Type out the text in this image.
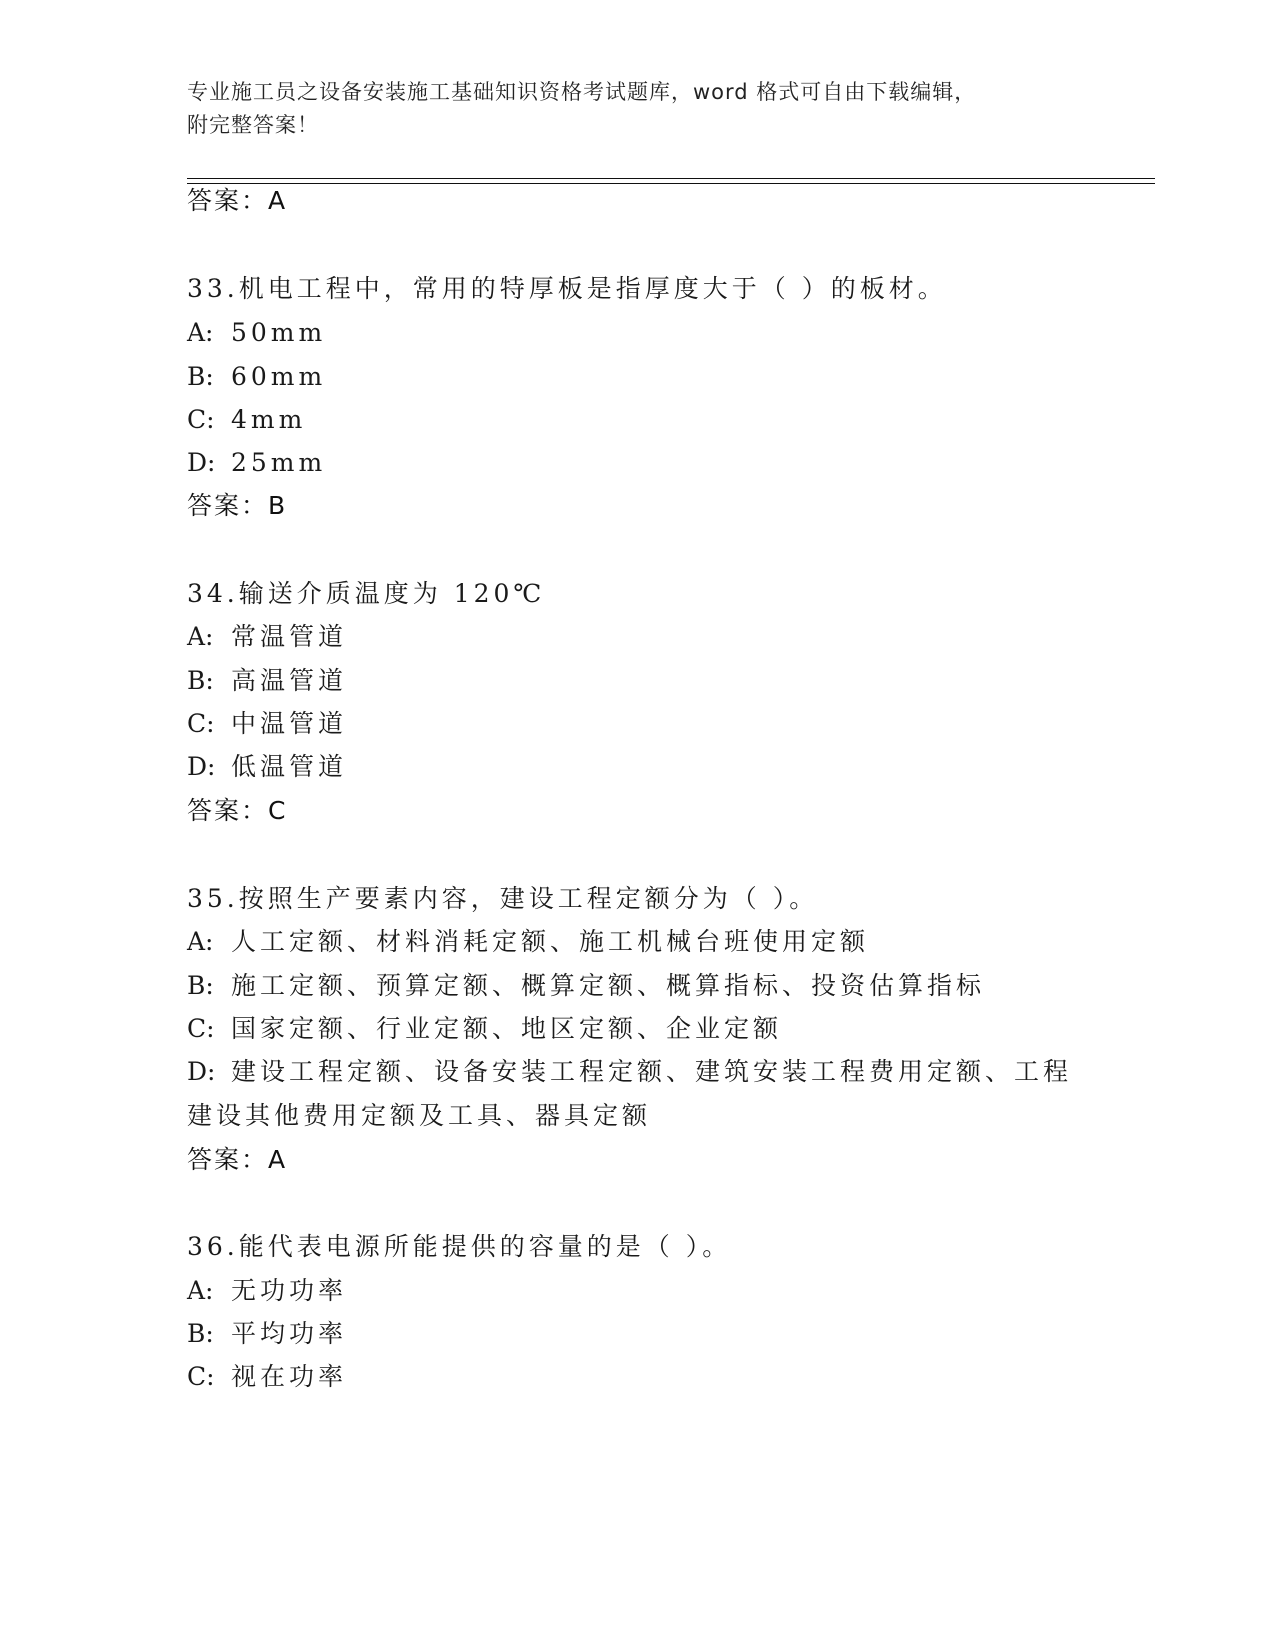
专业施工员之设备安装施工基础知识资格考试题库，word 格式可自由下载编辑，
附完整答案！
答案：A
33.机电工程中，常用的特厚板是指厚度大于（ ）的板材。
A: 50mm
B: 60mm
C: 4mm
D: 25mm
答案：B
34.输送介质温度为 120℃
A: 常温管道
B: 高温管道
C: 中温管道
D: 低温管道
答案：C
35.按照生产要素内容，建设工程定额分为（ ）。
A: 人工定额、材料消耗定额、施工机械台班使用定额
B: 施工定额、预算定额、概算定额、概算指标、投资估算指标
C: 国家定额、行业定额、地区定额、企业定额
D: 建设工程定额、设备安装工程定额、建筑安装工程费用定额、工程
建设其他费用定额及工具、器具定额
答案：A
36.能代表电源所能提供的容量的是（ ）。
A: 无功功率
B: 平均功率
C: 视在功率
